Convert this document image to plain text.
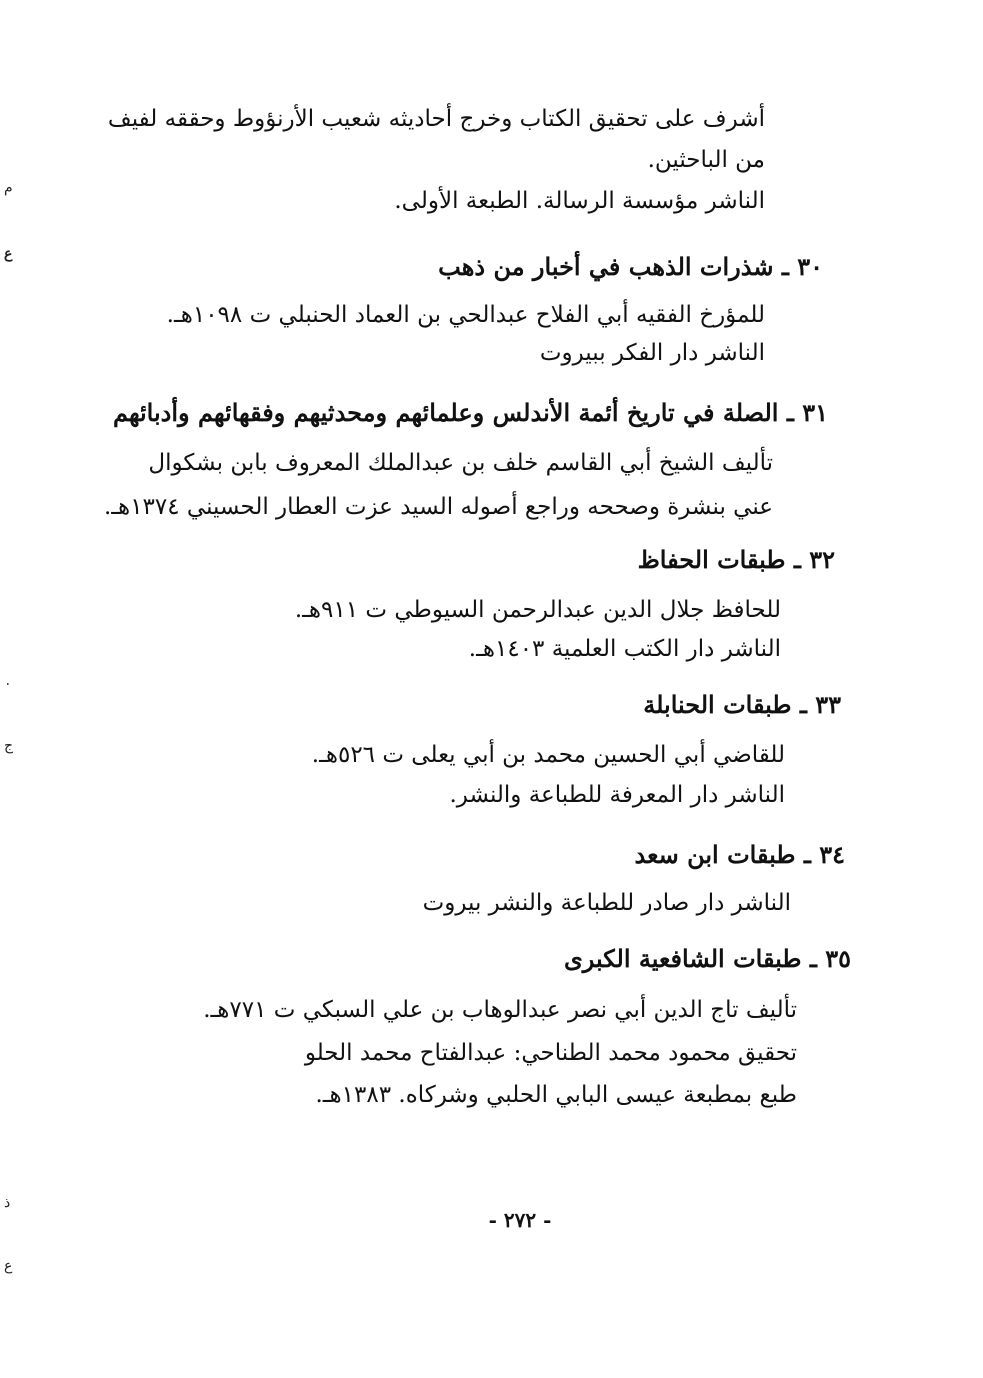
أشرف على تحقيق الكتاب وخرج أحاديثه شعيب الأرنؤوط وحققه لفيف
من الباحثين.
الناشر مؤسسة الرسالة. الطبعة الأولى.
٣٠ ـ شذرات الذهب في أخبار من ذهب
للمؤرخ الفقيه أبي الفلاح عبدالحي بن العماد الحنبلي ت ١٠٩٨هـ.
الناشر دار الفكر ببيروت
٣١ ـ الصلة في تاريخ أئمة الأندلس وعلمائهم ومحدثيهم وفقهائهم وأدبائهم
تأليف الشيخ أبي القاسم خلف بن عبدالملك المعروف بابن بشكوال
عني بنشرة وصححه وراجع أصوله السيد عزت العطار الحسيني ١٣٧٤هـ.
٣٢ ـ طبقات الحفاظ
للحافظ جلال الدين عبدالرحمن السيوطي ت ٩١١هـ.
الناشر دار الكتب العلمية ١٤٠٣هـ.
٣٣ ـ طبقات الحنابلة
للقاضي أبي الحسين محمد بن أبي يعلى ت ٥٢٦هـ.
الناشر دار المعرفة للطباعة والنشر.
٣٤ ـ طبقات ابن سعد
الناشر دار صادر للطباعة والنشر بيروت
٣٥ ـ طبقات الشافعية الكبرى
تأليف تاج الدين أبي نصر عبدالوهاب بن علي السبكي ت ٧٧١هـ.
تحقيق محمود محمد الطناحي: عبدالفتاح محمد الحلو
طبع بمطبعة عيسى البابي الحلبي وشركاه. ١٣٨٣هـ.
- ٢٧٢ -
م
ع
٠
ج
ذ
ع
